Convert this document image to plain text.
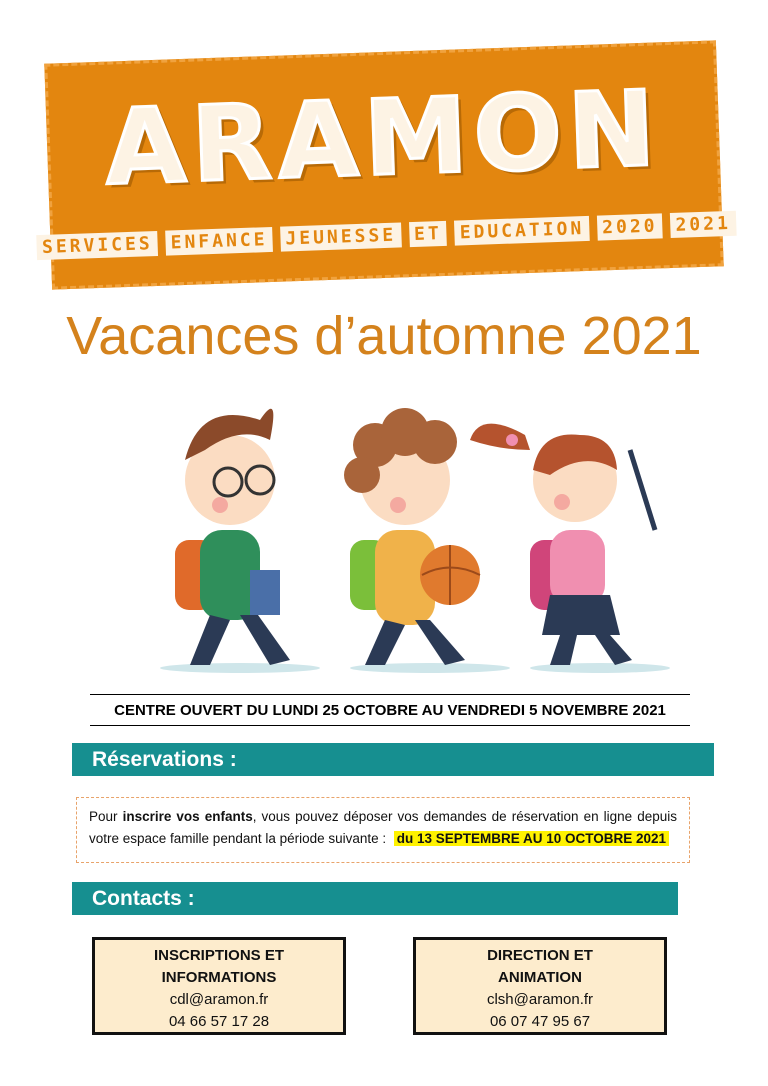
ARAMON
SERVICES ENFANCE JEUNESSE ET EDUCATION 2020 2021
Vacances d’automne 2021
CENTRE OUVERT DU LUNDI 25 OCTOBRE AU VENDREDI 5 NOVEMBRE 2021
Réservations :
Pour inscrire vos enfants, vous pouvez déposer vos demandes de réservation en ligne depuis votre espace famille pendant la période suivante : du 13 SEPTEMBRE AU 10 OCTOBRE 2021
Contacts :
INSCRIPTIONS ET
INFORMATIONS
cdl@aramon.fr
04 66 57 17 28
DIRECTION ET
ANIMATION
clsh@aramon.fr
06 07 47 95 67
